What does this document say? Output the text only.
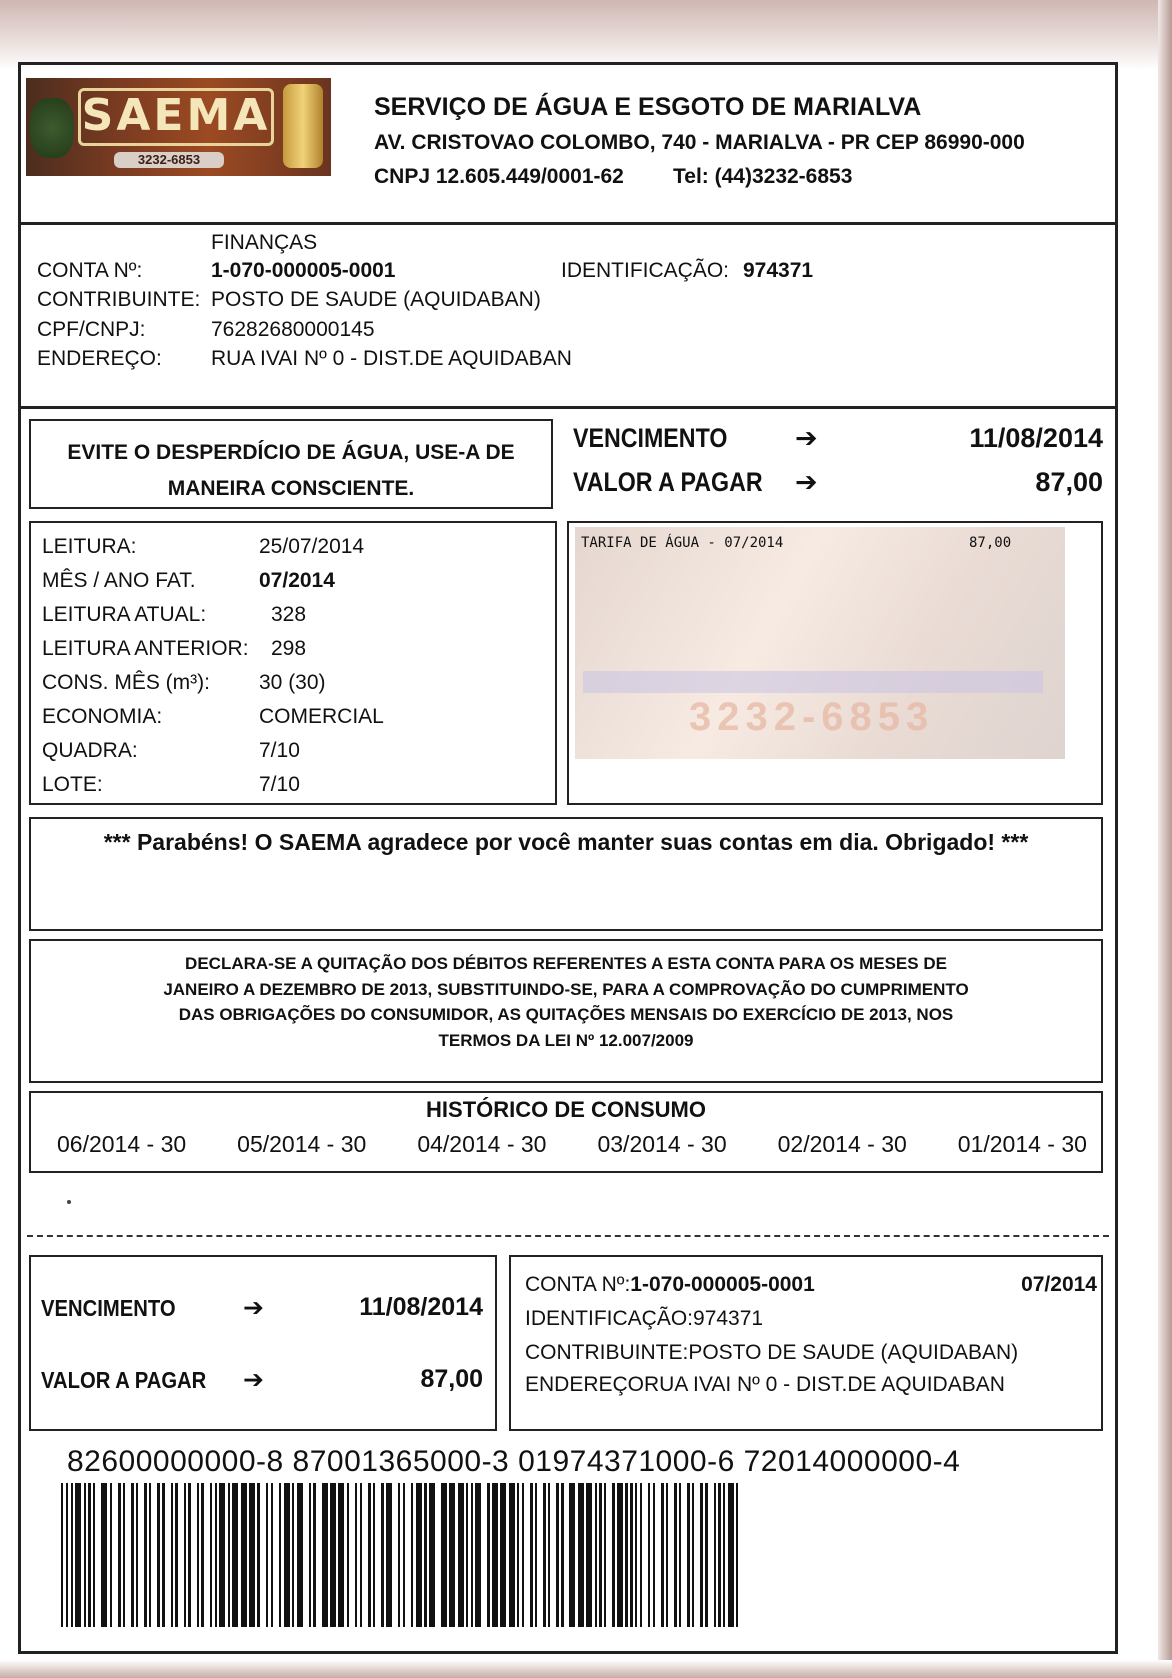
SAEMA
3232-6853
SERVIÇO DE ÁGUA E ESGOTO DE MARIALVA
AV. CRISTOVAO COLOMBO, 740 - MARIALVA - PR CEP 86990-000
CNPJ 12.605.449/0001-62 Tel: (44)3232-6853
FINANÇAS
CONTA Nº:	1-070-000005-0001	IDENTIFICAÇÃO: 974371
CONTRIBUINTE: POSTO DE SAUDE (AQUIDABAN)
CPF/CNPJ:	76282680000145
ENDEREÇO: RUA IVAI Nº 0 - DIST.DE AQUIDABAN
EVITE O DESPERDÍCIO DE ÁGUA, USE-A DE
MANEIRA CONSCIENTE.
VENCIMENTO	➔	11/08/2014
VALOR A PAGAR ➔	87,00
LEITURA:	25/07/2014
MÊS / ANO FAT.	07/2014
LEITURA ATUAL:	328
LEITURA ANTERIOR: 298
CONS. MÊS (m³): 30 (30)
ECONOMIA:	COMERCIAL
QUADRA:	7/10
LOTE:	7/10
3232-6853
TARIFA DE ÁGUA - 07/2014	87,00
*** Parabéns! O SAEMA agradece por você manter suas contas em dia. Obrigado! ***
DECLARA-SE A QUITAÇÃO DOS DÉBITOS REFERENTES A ESTA CONTA PARA OS MESES DE
JANEIRO A DEZEMBRO DE 2013, SUBSTITUINDO-SE, PARA A COMPROVAÇÃO DO CUMPRIMENTO
DAS OBRIGAÇÕES DO CONSUMIDOR, AS QUITAÇÕES MENSAIS DO EXERCÍCIO DE 2013, NOS
TERMOS DA LEI Nº 12.007/2009
HISTÓRICO DE CONSUMO
06/2014 - 30 05/2014 - 30 04/2014 - 30 03/2014 - 30 02/2014 - 30 01/2014 - 30
VENCIMENTO	➔	11/08/2014
VALOR A PAGAR ➔	87,00
CONTA Nº:1-070-000005-0001	07/2014
IDENTIFICAÇÃO:974371
CONTRIBUINTE:POSTO DE SAUDE (AQUIDABAN)
ENDEREÇORUA IVAI Nº 0 - DIST.DE AQUIDABAN
82600000000-8 87001365000-3 01974371000-6 72014000000-4
